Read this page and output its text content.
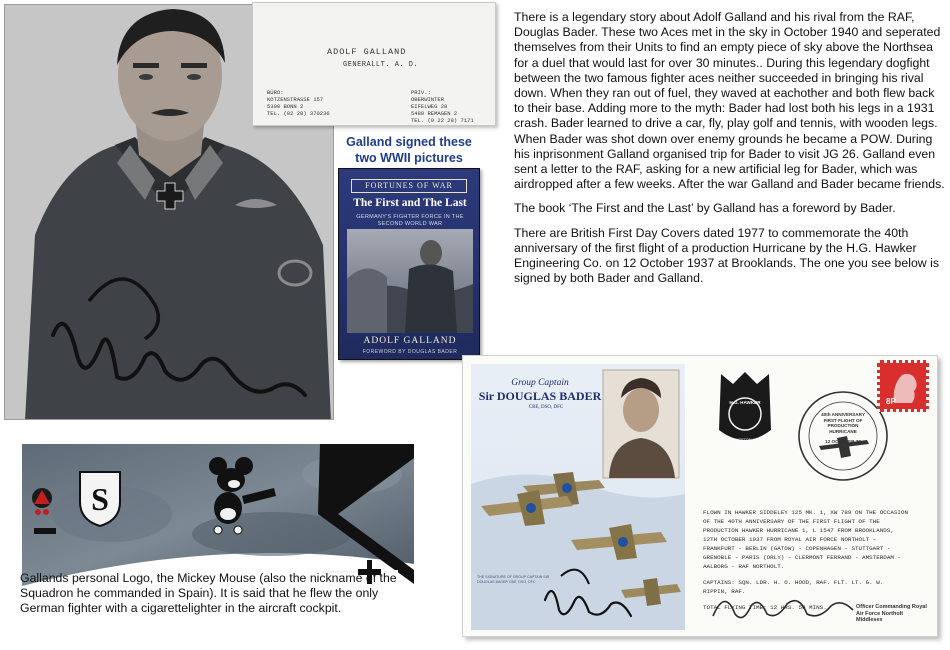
ADOLF GALLAND
GENERALLT. A. D.
BÜRO:
KOTZENSTRASSE 157
5300 BONN 2
TEL. (02 28) 370236
PRIV.:
OBERWINTER
EIFELWEG 28
5480 REMAGEN 2
TEL. (0 22 28) 7171
Galland signed these two WWII pictures
FORTUNES OF WAR
The First and The Last
GERMANY'S FIGHTER FORCE IN THE SECOND WORLD WAR
ADOLF GALLAND
FOREWORD BY DOUGLAS BADER

There is a legendary story about Adolf Galland and his rival from the RAF, Douglas Bader. These two Aces met in the sky in October 1940 and seperated themselves from their Units to find an empty piece of sky above the Northsea for a duel that would last for over 30 minutes.. During this legendary dogfight between the two famous fighter aces neither succeeded in bringing his rival down. When they ran out of fuel, they waved at eachother and both flew back to their base. Adding more to the myth: Bader had lost both his legs in a 1931 crash. Bader learned to drive a car, fly, play golf and tennis, with wooden legs. When Bader was shot down over enemy grounds he became a POW. During his inprisonment Galland organised trip for Bader to visit JG 26. Galland even sent a letter to the RAF, asking for a new artificial leg for Bader, which was airdropped after a few weeks. After the war Galland and Bader became friends.

The book ‘The First and the Last’ by Galland has a foreword by Bader.

There are British First Day Covers dated 1977 to commemorate the 40th anniversary of the first flight of a production Hurricane by the H.G. Hawker Engineering Co. on 12 October 1937 at Brooklands. The one you see below is signed by both Bader and Galland.

S
Gallands personal Logo, the Mickey Mouse (also the nickname of the Squadron he commanded in Spain). It is said that he flew the only German fighter with a cigarettelighter in the aircraft cockpit.
Group Captain
Sir DOUGLAS BADER
CBE, DSO, DFC
THE SIGNATURE OF GROUP CAPTAIN SIR DOUGLAS BADER CBE, DSO, DFC
H.G. HAWKER
KINGSTON ON THAMES
40th ANNIVERSARY FIRST FLIGHT OF PRODUCTION HURRICANE
12 OCTOBER 77
8P
FLOWN IN HAWKER SIDDELEY 125 MK. 1, XW 789 ON THE OCCASION OF THE 40TH ANNIVERSARY OF THE FIRST FLIGHT OF THE PRODUCTION HAWKER HURRICANE 1, L 1547 FROM BROOKLANDS, 12TH OCTOBER 1937 FROM ROYAL AIR FORCE NORTHOLT - FRANKFURT - BERLIN (GATOW) - COPENHAGEN - STUTTGART - GRENOBLE - PARIS (ORLY) - CLERMONT FERRAND - AMSTERDAM - AALBORG - RAF NORTHOLT.
CAPTAINS: SQN. LDR. H. O. HOOD, RAF. FLT. LT. G. W. RIPPIN, RAF.
TOTAL FLYING TIME: 12 HRS. 50 MINS.	Officer Commanding Royal Air Force Northolt Middlesex
